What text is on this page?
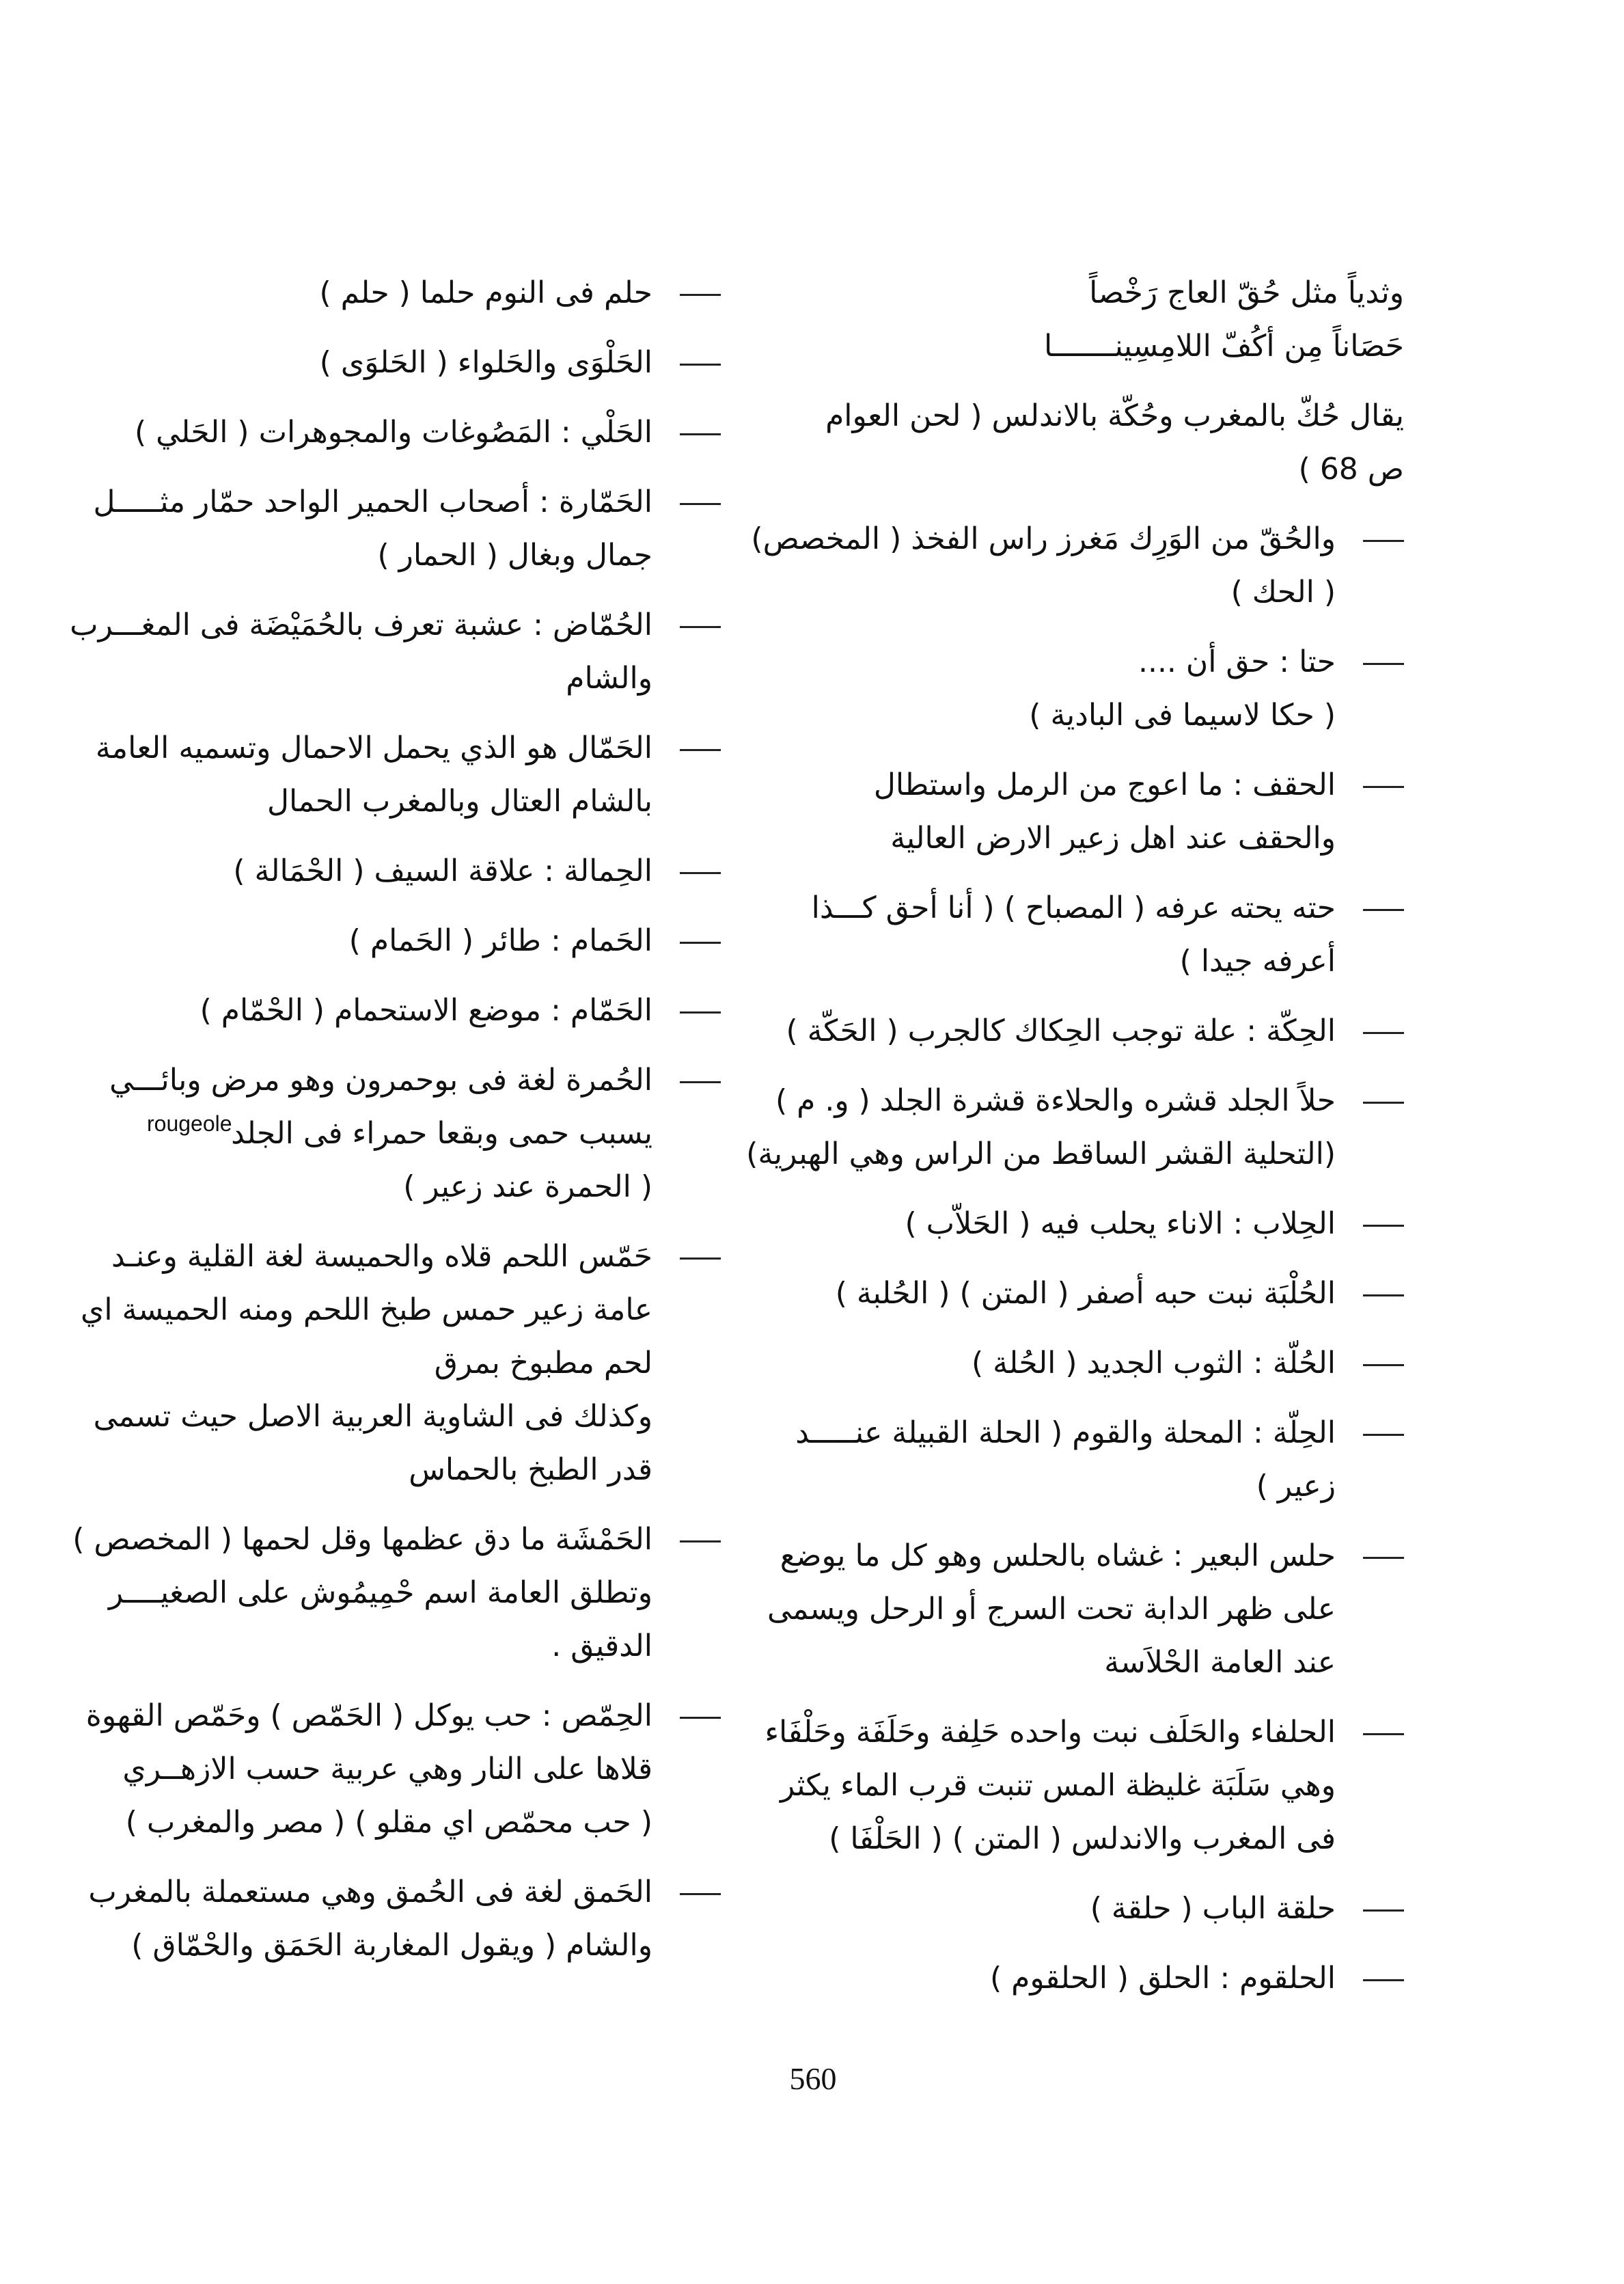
وثدياً مثل حُقّ العاج رَخْصاً
حَصَاناً مِن أكُفّ اللامِسِينـــــــا
يقال حُكّ بالمغرب وحُكّة بالاندلس ( لحن العوام
ص 68 )
والحُقّ من الوَرِك مَغرز راس الفخذ ( المخصص)
( الحك )
حتا : حق أن ....
( حكا لاسيما فى البادية )
الحقف : ما اعوج من الرمل واستطال
والحقف عند اهل زعير الارض العالية
حته يحته عرفه ( المصباح ) ( أنا أحق كـــذا
أعرفه جيدا )
الحِكّة : علة توجب الحِكاك كالجرب ( الحَكّة )
حلاً الجلد قشره والحلاءة قشرة الجلد ( و. م )
(التحلية القشر الساقط من الراس وهي الهبرية)
الحِلاب : الاناء يحلب فيه ( الحَلاّب )
الحُلْبَة نبت حبه أصفر ( المتن ) ( الحُلبة )
الحُلّة : الثوب الجديد ( الحُلة )
الحِلّة : المحلة والقوم ( الحلة القبيلة عنـــــد
زعير )
حلس البعير : غشاه بالحلس وهو كل ما يوضع
على ظهر الدابة تحت السرج أو الرحل ويسمى
عند العامة الحْلاَسة
الحلفاء والحَلَف نبت واحده حَلِفة وحَلَفَة وحَلْفَاء
وهي سَلَبَة غليظة المس تنبت قرب الماء يكثر
فى المغرب والاندلس ( المتن ) ( الحَلْفَا )
حلقة الباب ( حلقة )
الحلقوم : الحلق ( الحلقوم )
حلم فى النوم حلما ( حلم )
الحَلْوَى والحَلواء ( الحَلوَى )
الحَلْي : المَصُوغات والمجوهرات ( الحَلي )
الحَمّارة : أصحاب الحمير الواحد حمّار مثـــــل
جمال وبغال ( الحمار )
الحُمّاض : عشبة تعرف بالحُمَيْضَة فى المغـــرب
والشام
الحَمّال هو الذي يحمل الاحمال وتسميه العامة
بالشام العتال وبالمغرب الحمال
الحِمالة : علاقة السيف ( الحْمَالة )
الحَمام : طائر ( الحَمام )
الحَمّام : موضع الاستحمام ( الحْمّام )
الحُمرة لغة فى بوحمرون وهو مرض وبائـــي
يسبب حمى وبقعا حمراء فى الجلد
( الحمرة عند زعير )
rougeole
حَمّس اللحم قلاه والحميسة لغة القلية وعنـد
عامة زعير حمس طبخ اللحم ومنه الحميسة اي
لحم مطبوخ بمرق
وكذلك فى الشاوية العربية الاصل حيث تسمى
قدر الطبخ بالحماس
الحَمْشَة ما دق عظمها وقل لحمها ( المخصص )
وتطلق العامة اسم حْمِيمُوش على الصغيــــر
الدقيق .
الحِمّص : حب يوكل ( الحَمّص ) وحَمّص القهوة
قلاها على النار وهي عربية حسب الازهــري
( حب محمّص اي مقلو ) ( مصر والمغرب )
الحَمق لغة فى الحُمق وهي مستعملة بالمغرب
والشام ( ويقول المغاربة الحَمَق والحْمّاق )
560
